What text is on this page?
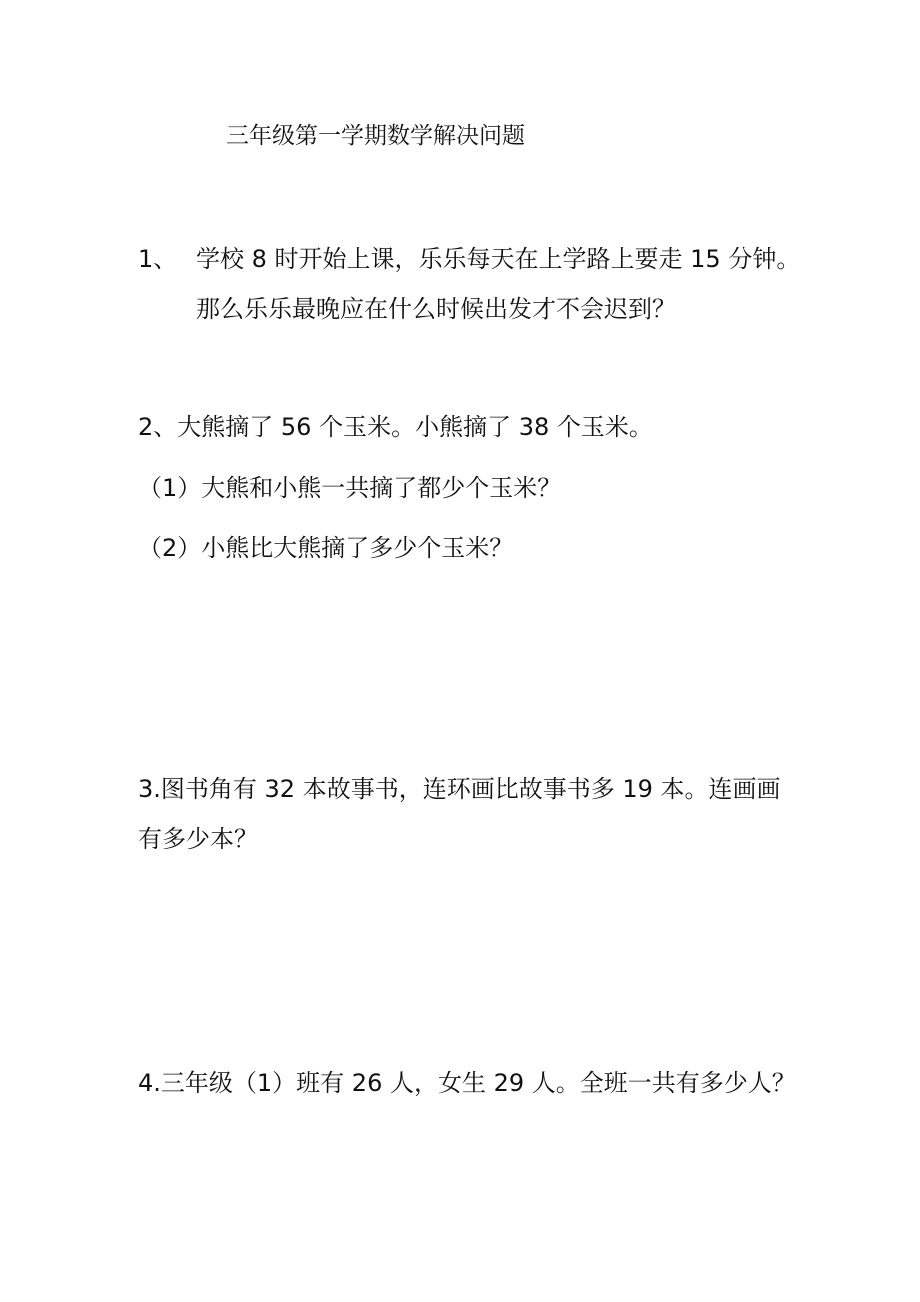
三年级第一学期数学解决问题

1、 学校 8 时开始上课，乐乐每天在上学路上要走 15 分钟。

那么乐乐最晚应在什么时候出发才不会迟到？

2、大熊摘了 56 个玉米。小熊摘了 38 个玉米。

（1）大熊和小熊一共摘了都少个玉米？

（2）小熊比大熊摘了多少个玉米？

3.图书角有 32 本故事书，连环画比故事书多 19 本。连画画

有多少本？

4.三年级（1）班有 26 人，女生 29 人。全班一共有多少人？
